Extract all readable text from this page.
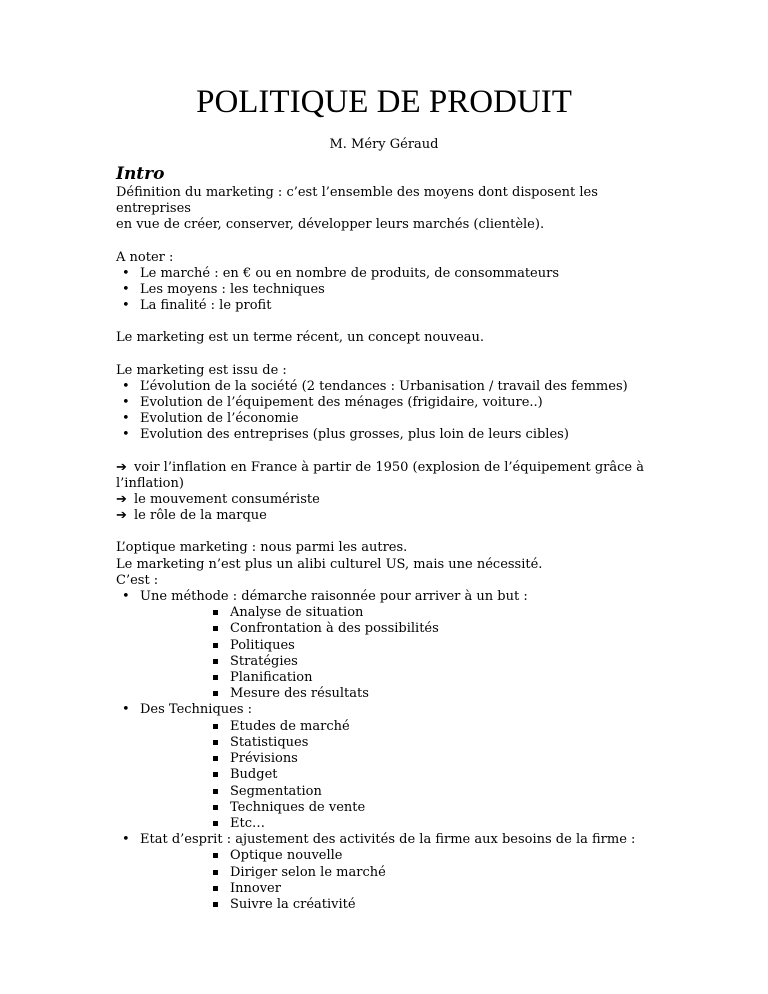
POLITIQUE DE PRODUIT
M. Méry Géraud
Intro

Définition du marketing : c’est l’ensemble des moyens dont disposent les entreprises

en vue de créer, conserver, développer leurs marchés (clientèle).

A noter :

• Le marché : en € ou en nombre de produits, de consommateurs
• Les moyens : les techniques
• La finalité : le profit

Le marketing est un terme récent, un concept nouveau.

Le marketing est issu de :

• L’évolution de la société (2 tendances : Urbanisation / travail des femmes)
• Evolution de l’équipement des ménages (frigidaire, voiture..)
• Evolution de l’économie
• Evolution des entreprises (plus grosses, plus loin de leurs cibles)

➔ voir l’inflation en France à partir de 1950 (explosion de l’équipement grâce à

l’inflation)

➔ le mouvement consumériste

➔ le rôle de la marque

L’optique marketing : nous parmi les autres.

Le marketing n’est plus un alibi culturel US, mais une nécessité.

C’est :

• Une méthode : démarche raisonnée pour arriver à un but :
Analyse de situation
Confrontation à des possibilités
Politiques
Stratégies
Planification
Mesure des résultats
• Des Techniques :
Etudes de marché
Statistiques
Prévisions
Budget
Segmentation
Techniques de vente
Etc…
• Etat d’esprit : ajustement des activités de la firme aux besoins de la firme :
Optique nouvelle
Diriger selon le marché
Innover
Suivre la créativité
